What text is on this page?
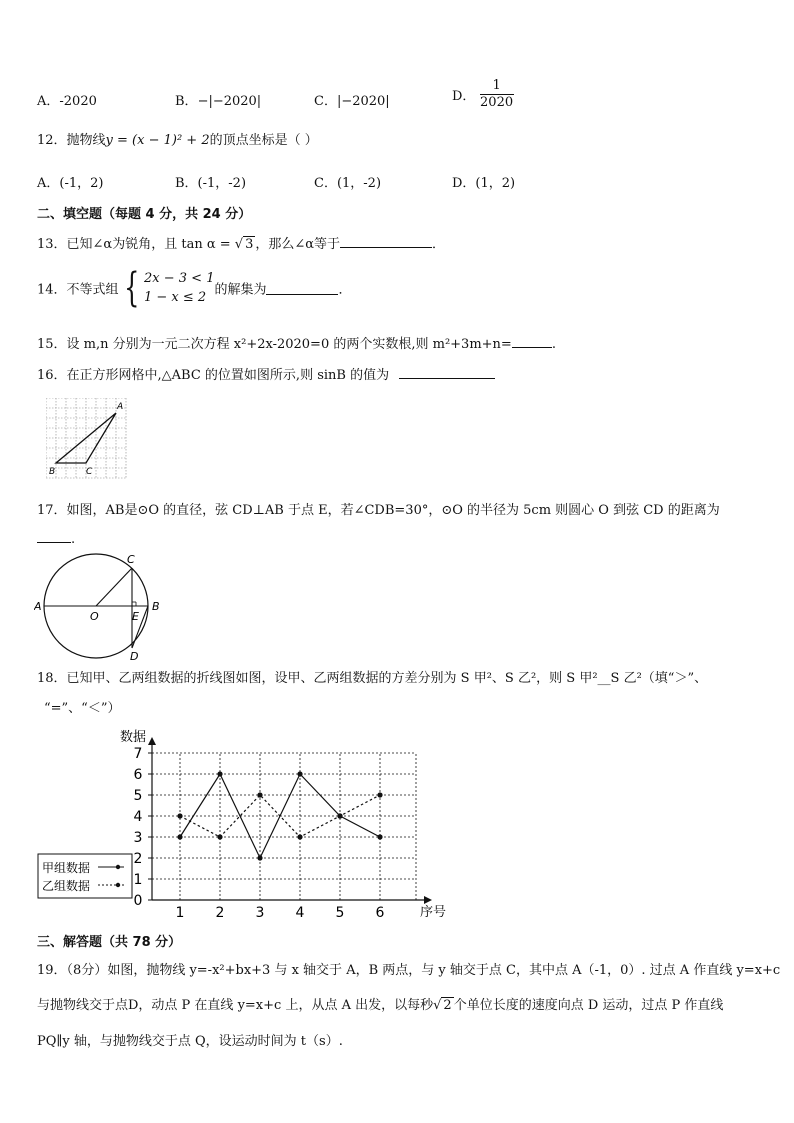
A．-2020	B．−|−2020|	C．|−2020|	D． $\frac{1}{2020}$
12．抛物线y = (x − 1)² + 2的顶点坐标是（ ）
A．(-1，2)	B．(-1，-2)	C．(1，-2)	D．(1，2)
二、填空题（每题 4 分，共 24 分）
13．已知∠α为锐角，且 tan α = √ 3 ，那么∠α等于	．
14．不等式组 { 2x − 3 < 1
1 − x ≤ 2 的解集为	．
15．设 m,n 分别为一元二次方程 x²+2x-2020=0 的两个实数根,则 m²+3m+n=	.
16．在正方形网格中,△ABC 的位置如图所示,则 sinB 的值为
A
B	C
17．如图，AB是⊙O 的直径，弦 CD⊥AB 于点 E，若∠CDB=30°，⊙O 的半径为 5cm 则圆心 O 到弦 CD 的距离为
.
C
A	B
O	E
D
18．已知甲、乙两组数据的折线图如图，设甲、乙两组数据的方差分别为 S 甲²、S 乙²，则 S 甲²__S 乙²（填“＞”、
“=”、“＜”）
0
1
2
3
4
5
6
7
1 2 3 4 5 6
数据
序号
甲组数据
乙组数据
三、解答题（共 78 分）
19．（8分）如图，抛物线 y=-x²+bx+3 与 x 轴交于 A，B 两点，与 y 轴交于点 C，其中点 A（-1，0）. 过点 A 作直线 y=x+c
与抛物线交于点D，动点 P 在直线 y=x+c 上，从点 A 出发，以每秒 √ 2 个单位长度的速度向点 D 运动，过点 P 作直线
PQ∥y 轴，与抛物线交于点 Q，设运动时间为 t（s）.
